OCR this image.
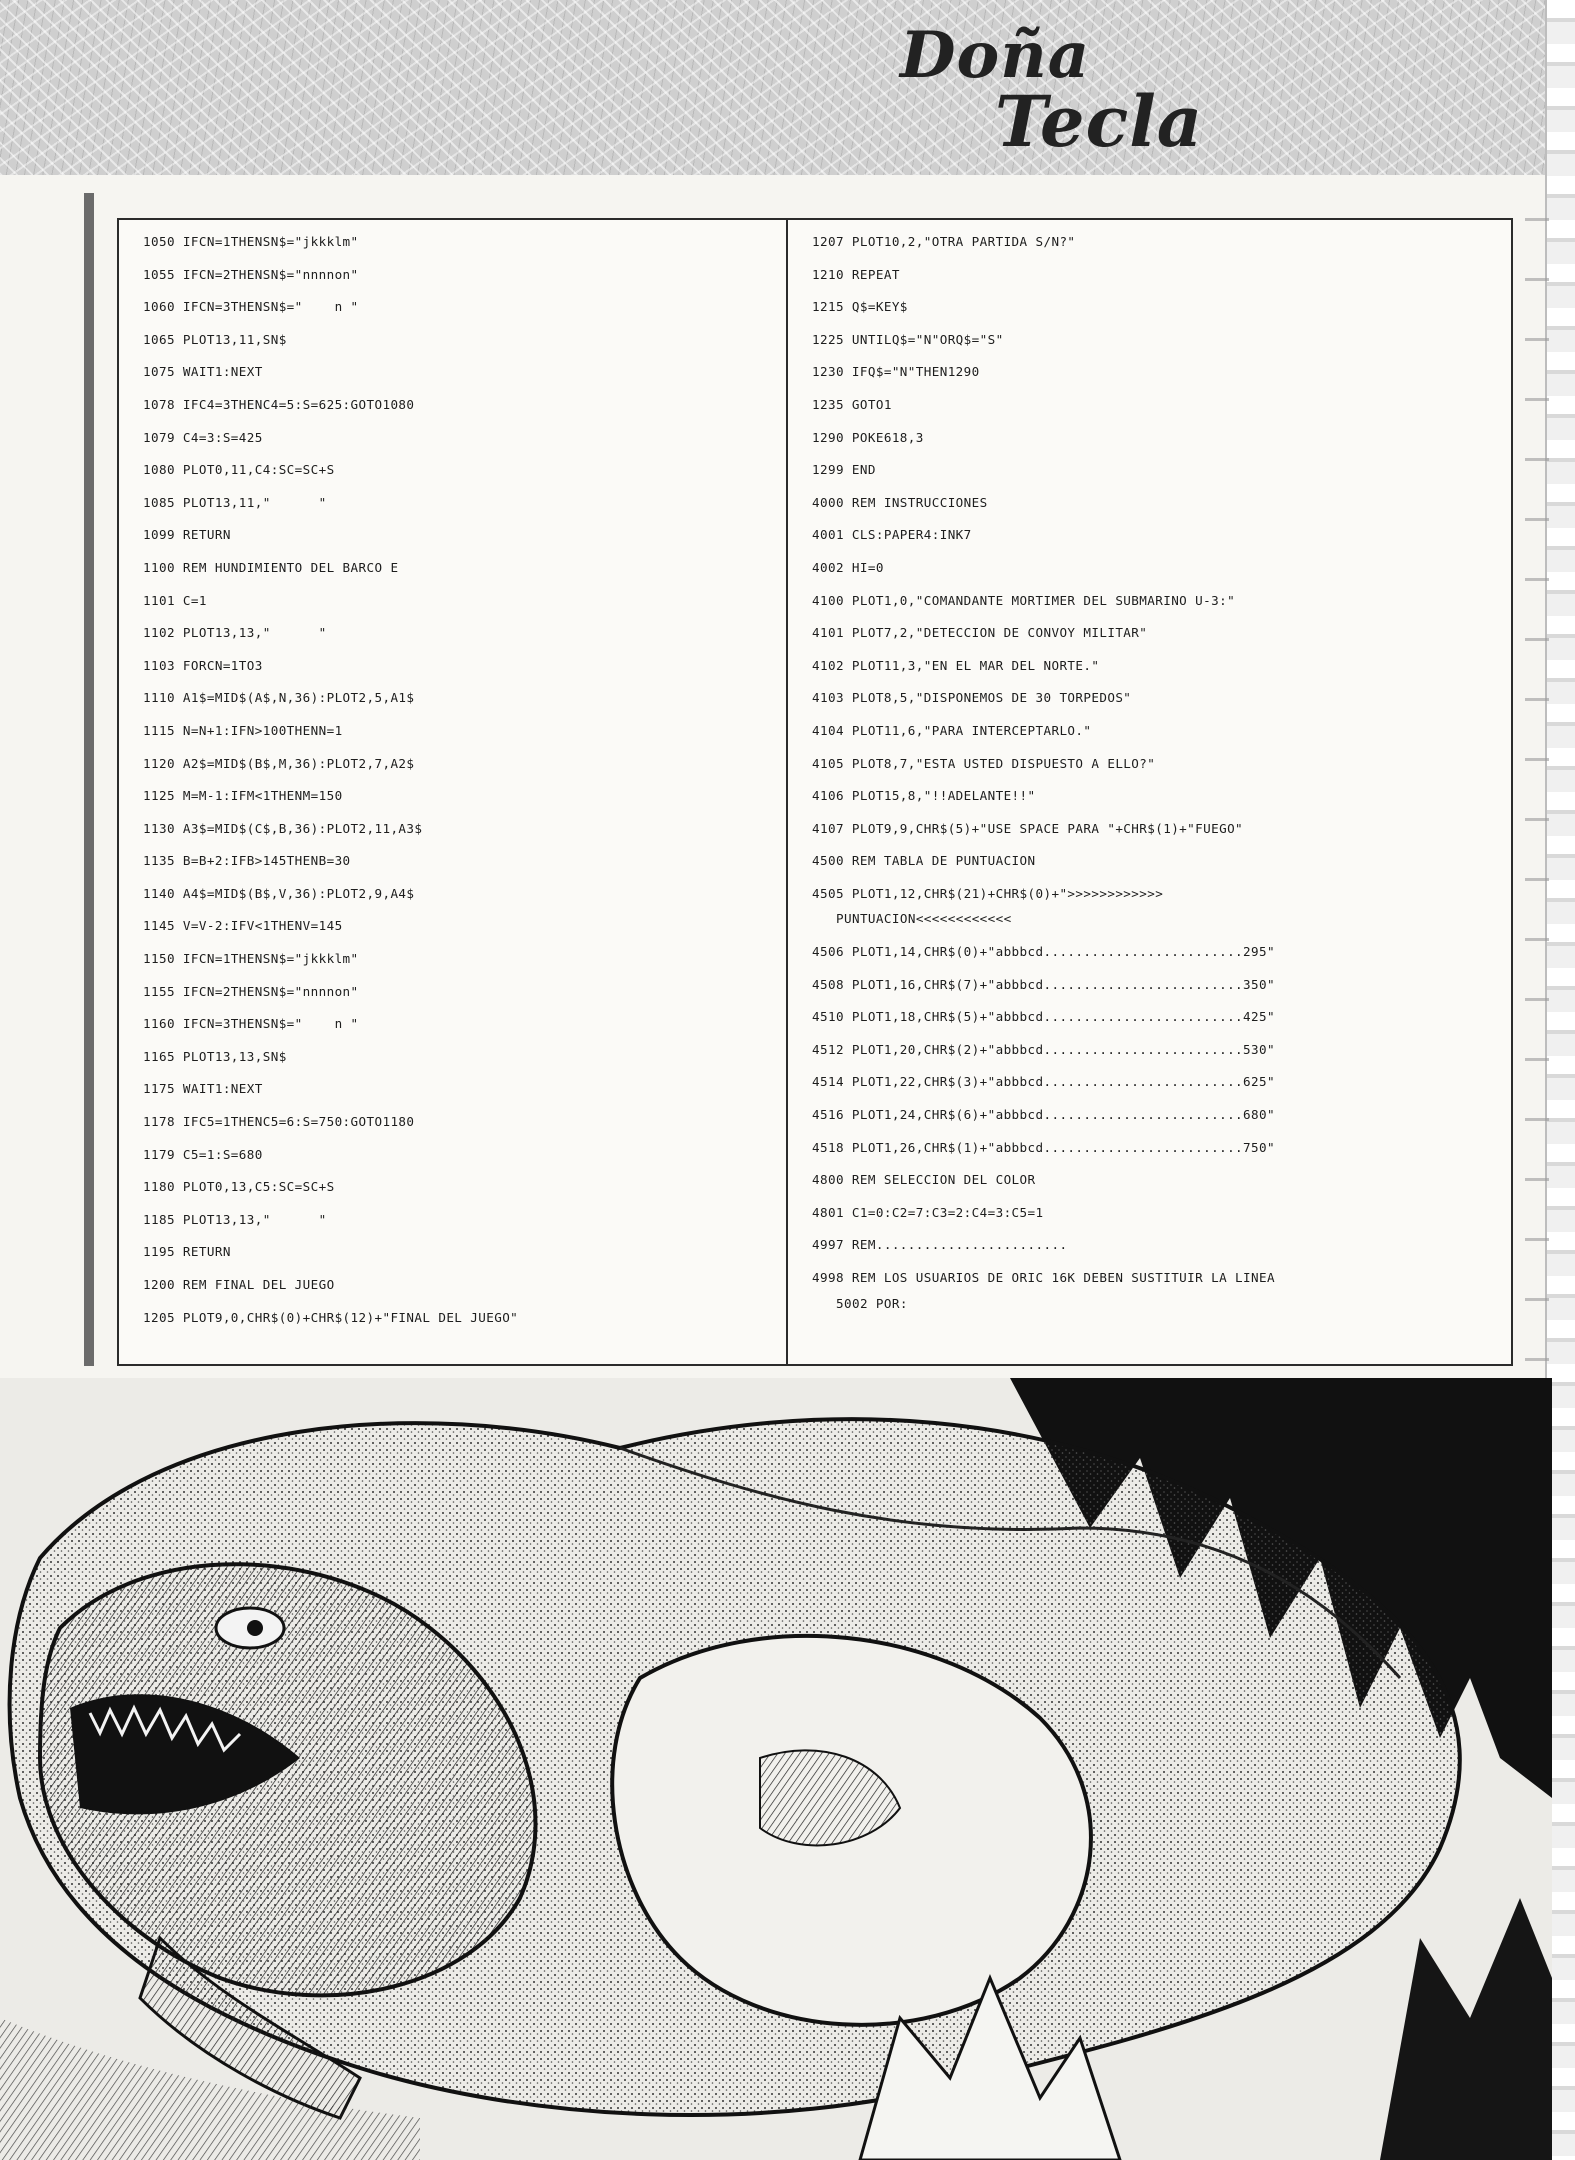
Doña
Tecla
1050 IFCN=1THENSN$="jkkklm"
1055 IFCN=2THENSN$="nnnnon"
1060 IFCN=3THENSN$="    n "
1065 PLOT13,11,SN$
1075 WAIT1:NEXT
1078 IFC4=3THENC4=5:S=625:GOTO1080
1079 C4=3:S=425
1080 PLOT0,11,C4:SC=SC+S
1085 PLOT13,11,"      "
1099 RETURN
1100 REM HUNDIMIENTO DEL BARCO E
1101 C=1
1102 PLOT13,13,"      "
1103 FORCN=1TO3
1110 A1$=MID$(A$,N,36):PLOT2,5,A1$
1115 N=N+1:IFN>100THENN=1
1120 A2$=MID$(B$,M,36):PLOT2,7,A2$
1125 M=M-1:IFM<1THENM=150
1130 A3$=MID$(C$,B,36):PLOT2,11,A3$
1135 B=B+2:IFB>145THENB=30
1140 A4$=MID$(B$,V,36):PLOT2,9,A4$
1145 V=V-2:IFV<1THENV=145
1150 IFCN=1THENSN$="jkkklm"
1155 IFCN=2THENSN$="nnnnon"
1160 IFCN=3THENSN$="    n "
1165 PLOT13,13,SN$
1175 WAIT1:NEXT
1178 IFC5=1THENC5=6:S=750:GOTO1180
1179 C5=1:S=680
1180 PLOT0,13,C5:SC=SC+S
1185 PLOT13,13,"      "
1195 RETURN
1200 REM FINAL DEL JUEGO
1205 PLOT9,0,CHR$(0)+CHR$(12)+"FINAL DEL JUEGO"
1207 PLOT10,2,"OTRA PARTIDA S/N?"
1210 REPEAT
1215 Q$=KEY$
1225 UNTILQ$="N"ORQ$="S"
1230 IFQ$="N"THEN1290
1235 GOTO1
1290 POKE618,3
1299 END
4000 REM INSTRUCCIONES
4001 CLS:PAPER4:INK7
4002 HI=0
4100 PLOT1,0,"COMANDANTE MORTIMER DEL SUBMARINO U-3:"
4101 PLOT7,2,"DETECCION DE CONVOY MILITAR"
4102 PLOT11,3,"EN EL MAR DEL NORTE."
4103 PLOT8,5,"DISPONEMOS DE 30 TORPEDOS"
4104 PLOT11,6,"PARA INTERCEPTARLO."
4105 PLOT8,7,"ESTA USTED DISPUESTO A ELLO?"
4106 PLOT15,8,"!!ADELANTE!!"
4107 PLOT9,9,CHR$(5)+"USE SPACE PARA "+CHR$(1)+"FUEGO"
4500 REM TABLA DE PUNTUACION
4505 PLOT1,12,CHR$(21)+CHR$(0)+">>>>>>>>>>>>
PUNTUACION<<<<<<<<<<<<
4506 PLOT1,14,CHR$(0)+"abbbcd.........................295"
4508 PLOT1,16,CHR$(7)+"abbbcd.........................350"
4510 PLOT1,18,CHR$(5)+"abbbcd.........................425"
4512 PLOT1,20,CHR$(2)+"abbbcd.........................530"
4514 PLOT1,22,CHR$(3)+"abbbcd.........................625"
4516 PLOT1,24,CHR$(6)+"abbbcd.........................680"
4518 PLOT1,26,CHR$(1)+"abbbcd.........................750"
4800 REM SELECCION DEL COLOR
4801 C1=0:C2=7:C3=2:C4=3:C5=1
4997 REM........................
4998 REM LOS USUARIOS DE ORIC 16K DEBEN SUSTITUIR LA LINEA
5002 POR:
